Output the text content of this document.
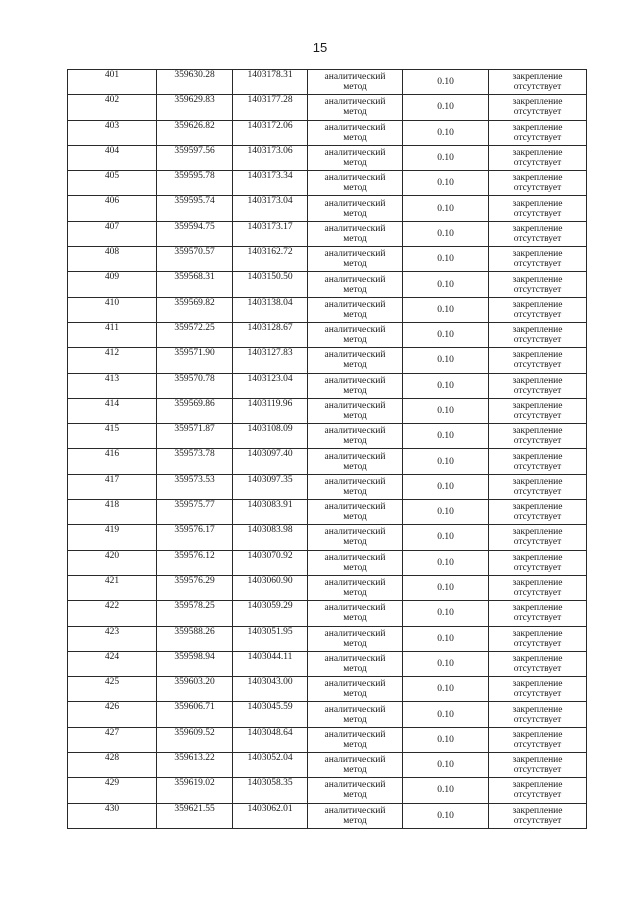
15
401	359630.28	1403178.31	аналитический
метод	0.10	закрепление
отсутствует

402	359629.83	1403177.28	аналитический
метод	0.10	закрепление
отсутствует

403	359626.82	1403172.06	аналитический
метод	0.10	закрепление
отсутствует

404	359597.56	1403173.06	аналитический
метод	0.10	закрепление
отсутствует

405	359595.78	1403173.34	аналитический
метод	0.10	закрепление
отсутствует

406	359595.74	1403173.04	аналитический
метод	0.10	закрепление
отсутствует

407	359594.75	1403173.17	аналитический
метод	0.10	закрепление
отсутствует

408	359570.57	1403162.72	аналитический
метод	0.10	закрепление
отсутствует

409	359568.31	1403150.50	аналитический
метод	0.10	закрепление
отсутствует

410	359569.82	1403138.04	аналитический
метод	0.10	закрепление
отсутствует

411	359572.25	1403128.67	аналитический
метод	0.10	закрепление
отсутствует

412	359571.90	1403127.83	аналитический
метод	0.10	закрепление
отсутствует

413	359570.78	1403123.04	аналитический
метод	0.10	закрепление
отсутствует

414	359569.86	1403119.96	аналитический
метод	0.10	закрепление
отсутствует

415	359571.87	1403108.09	аналитический
метод	0.10	закрепление
отсутствует

416	359573.78	1403097.40	аналитический
метод	0.10	закрепление
отсутствует

417	359573.53	1403097.35	аналитический
метод	0.10	закрепление
отсутствует

418	359575.77	1403083.91	аналитический
метод	0.10	закрепление
отсутствует

419	359576.17	1403083.98	аналитический
метод	0.10	закрепление
отсутствует

420	359576.12	1403070.92	аналитический
метод	0.10	закрепление
отсутствует

421	359576.29	1403060.90	аналитический
метод	0.10	закрепление
отсутствует

422	359578.25	1403059.29	аналитический
метод	0.10	закрепление
отсутствует

423	359588.26	1403051.95	аналитический
метод	0.10	закрепление
отсутствует

424	359598.94	1403044.11	аналитический
метод	0.10	закрепление
отсутствует

425	359603.20	1403043.00	аналитический
метод	0.10	закрепление
отсутствует

426	359606.71	1403045.59	аналитический
метод	0.10	закрепление
отсутствует

427	359609.52	1403048.64	аналитический
метод	0.10	закрепление
отсутствует

428	359613.22	1403052.04	аналитический
метод	0.10	закрепление
отсутствует

429	359619.02	1403058.35	аналитический
метод	0.10	закрепление
отсутствует

430	359621.55	1403062.01	аналитический
метод	0.10	закрепление
отсутствует
